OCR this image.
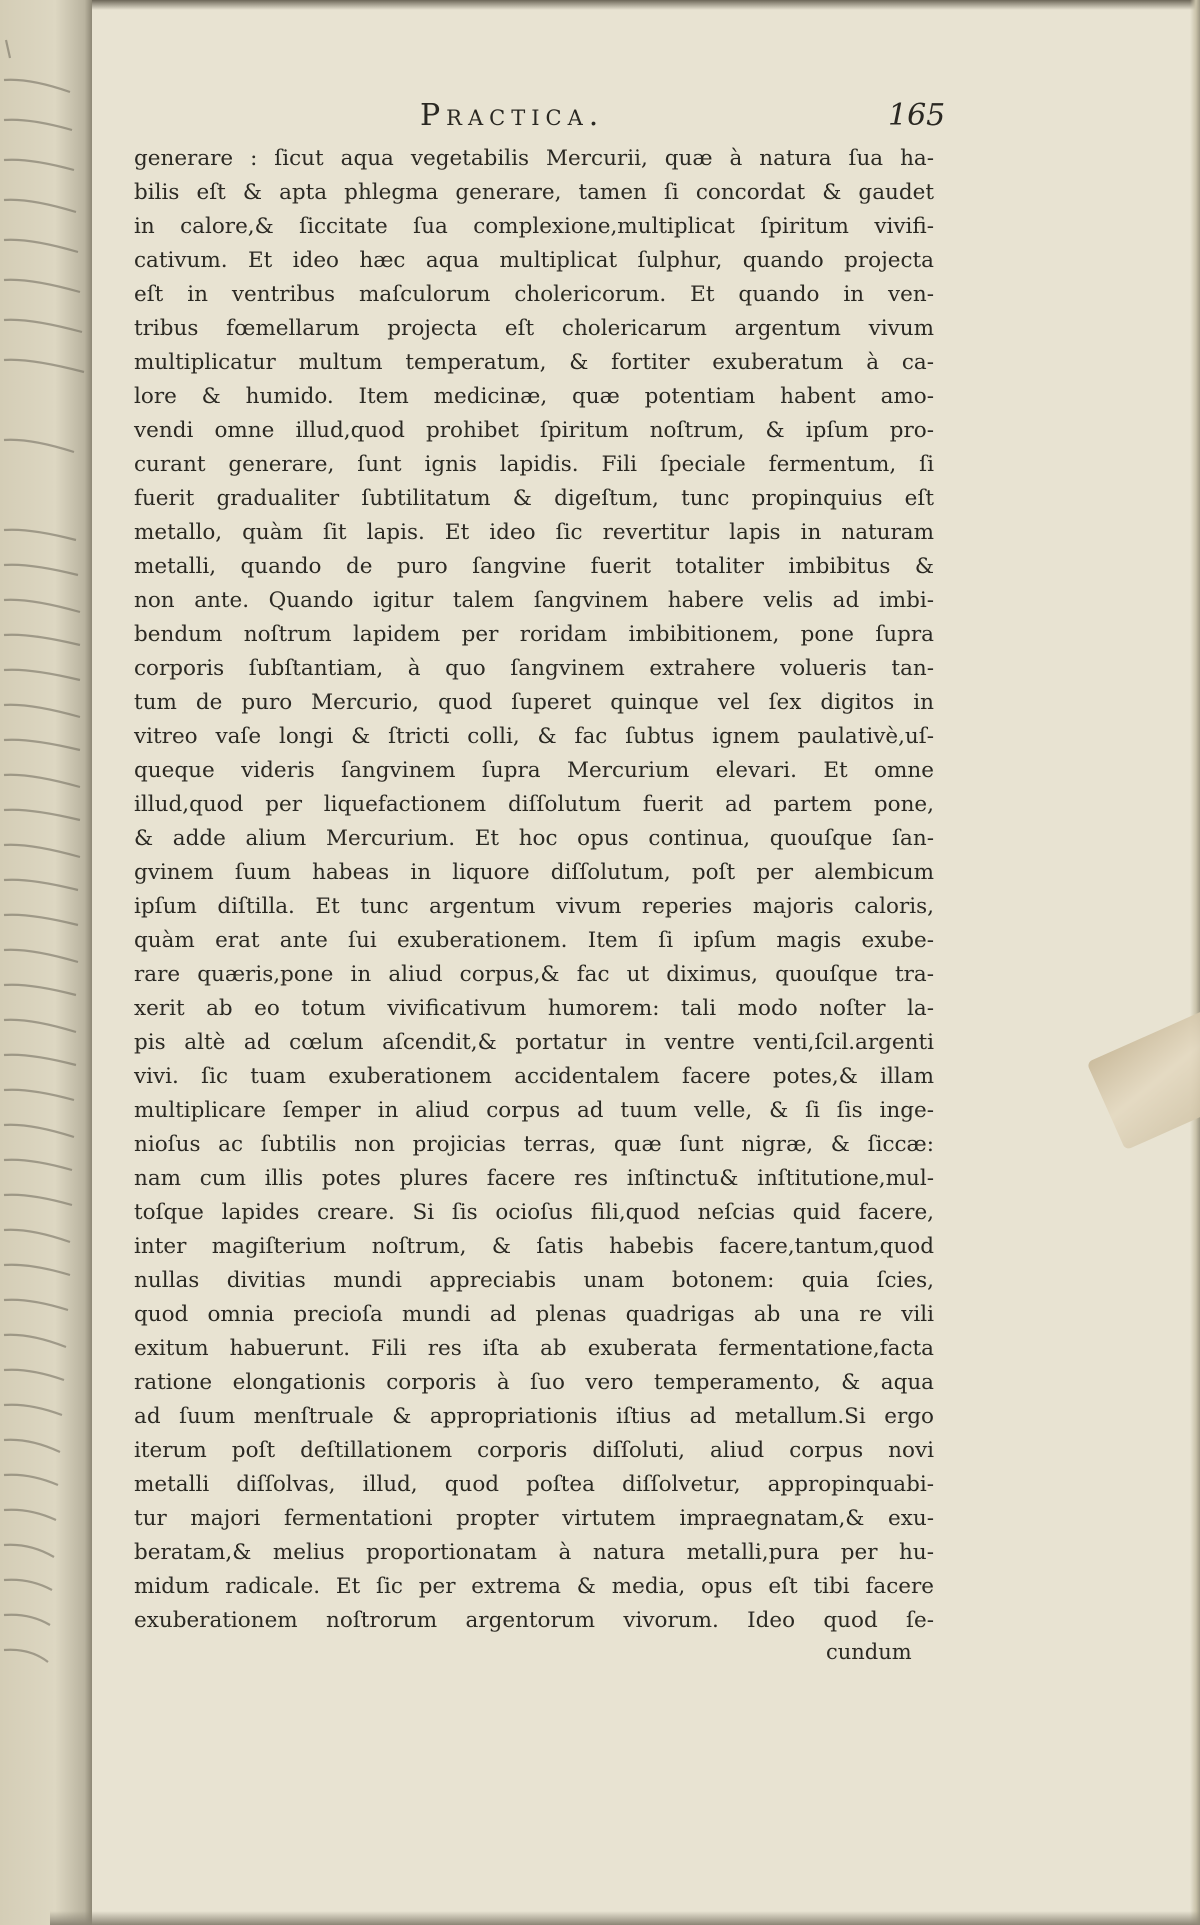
Practica.	165
generare : ſicut aqua vegetabilis Mercurii, quæ à natura ſua ha-
bilis eſt & apta phlegma generare, tamen ſi concordat & gaudet
in calore,& ſiccitate ſua complexione,multiplicat ſpiritum vivifi-
cativum. Et ideo hæc aqua multiplicat ſulphur, quando projecta
eſt in ventribus maſculorum cholericorum. Et quando in ven-
tribus fœmellarum projecta eſt cholericarum argentum vivum
multiplicatur multum temperatum, & fortiter exuberatum à ca-
lore & humido. Item medicinæ, quæ potentiam habent amo-
vendi omne illud,quod prohibet ſpiritum noſtrum, & ipſum pro-
curant generare, ſunt ignis lapidis. Fili ſpeciale fermentum, ſi
fuerit gradualiter ſubtilitatum & digeſtum, tunc propinquius eſt
metallo, quàm ſit lapis. Et ideo ſic revertitur lapis in naturam
metalli, quando de puro ſangvine fuerit totaliter imbibitus &
non ante. Quando igitur talem ſangvinem habere velis ad imbi-
bendum noſtrum lapidem per roridam imbibitionem, pone ſupra
corporis ſubſtantiam, à quo ſangvinem extrahere volueris tan-
tum de puro Mercurio, quod ſuperet quinque vel ſex digitos in
vitreo vaſe longi & ſtricti colli, & fac ſubtus ignem paulativè,uſ-
queque videris ſangvinem ſupra Mercurium elevari. Et omne
illud,quod per liquefactionem diſſolutum fuerit ad partem pone,
& adde alium Mercurium. Et hoc opus continua, quouſque ſan-
gvinem ſuum habeas in liquore diſſolutum, poſt per alembicum
ipſum diſtilla. Et tunc argentum vivum reperies majoris caloris,
quàm erat ante ſui exuberationem. Item ſi ipſum magis exube-
rare quæris,pone in aliud corpus,& fac ut diximus, quouſque tra-
xerit ab eo totum vivificativum humorem: tali modo noſter la-
pis altè ad cœlum aſcendit,& portatur in ventre venti,ſcil.argenti
vivi. ſic tuam exuberationem accidentalem facere potes,& illam
multiplicare ſemper in aliud corpus ad tuum velle, & ſi ſis inge-
nioſus ac ſubtilis non projicias terras, quæ ſunt nigræ, & ſiccæ:
nam cum illis potes plures facere res inſtinctu& inſtitutione,mul-
toſque lapides creare. Si ſis ocioſus fili,quod neſcias quid facere,
inter magiſterium noſtrum, & ſatis habebis facere,tantum,quod
nullas divitias mundi appreciabis unam botonem: quia ſcies,
quod omnia precioſa mundi ad plenas quadrigas ab una re vili
exitum habuerunt. Fili res iſta ab exuberata fermentatione,facta
ratione elongationis corporis à ſuo vero temperamento, & aqua
ad ſuum menſtruale & appropriationis iſtius ad metallum.Si ergo
iterum poſt deſtillationem corporis diſſoluti, aliud corpus novi
metalli diſſolvas, illud, quod poſtea diſſolvetur, appropinquabi-
tur majori fermentationi propter virtutem impraegnatam,& exu-
beratam,& melius proportionatam à natura metalli,pura per hu-
midum radicale. Et ſic per extrema & media, opus eſt tibi facere
exuberationem noſtrorum argentorum vivorum. Ideo quod ſe-
cundum
